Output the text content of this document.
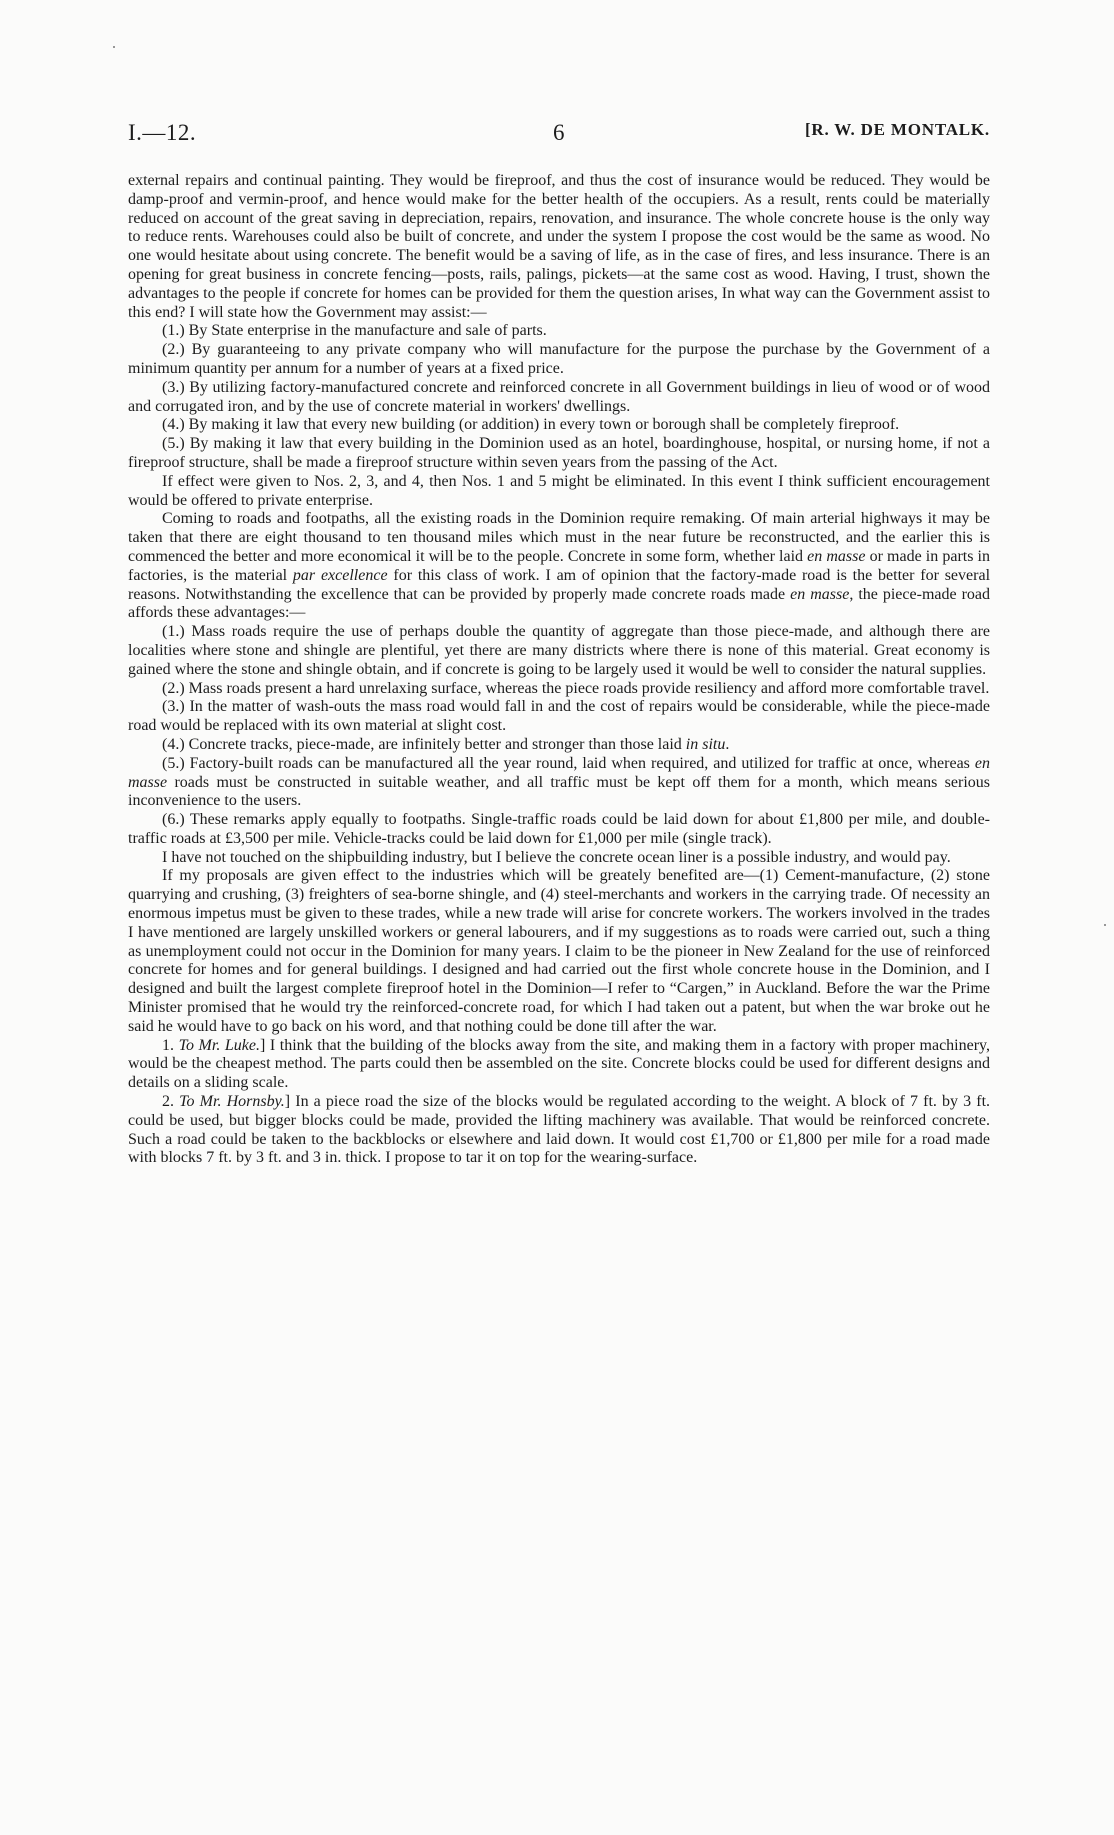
I.—12.	6	[R. W. DE MONTALK.

external repairs and continual painting. They would be fireproof, and thus the cost of insurance would be reduced. They would be damp-proof and vermin-proof, and hence would make for the better health of the occupiers. As a result, rents could be materially reduced on account of the great saving in depreciation, repairs, renovation, and insurance. The whole concrete house is the only way to reduce rents. Warehouses could also be built of concrete, and under the system I propose the cost would be the same as wood. No one would hesitate about using concrete. The benefit would be a saving of life, as in the case of fires, and less insurance. There is an opening for great business in concrete fencing—posts, rails, palings, pickets—at the same cost as wood. Having, I trust, shown the advantages to the people if concrete for homes can be provided for them the question arises, In what way can the Government assist to this end? I will state how the Government may assist:—

(1.) By State enterprise in the manufacture and sale of parts.

(2.) By guaranteeing to any private company who will manufacture for the purpose the purchase by the Government of a minimum quantity per annum for a number of years at a fixed price.

(3.) By utilizing factory-manufactured concrete and reinforced concrete in all Government buildings in lieu of wood or of wood and corrugated iron, and by the use of concrete material in workers' dwellings.

(4.) By making it law that every new building (or addition) in every town or borough shall be completely fireproof.

(5.) By making it law that every building in the Dominion used as an hotel, boardinghouse, hospital, or nursing home, if not a fireproof structure, shall be made a fireproof structure within seven years from the passing of the Act.

If effect were given to Nos. 2, 3, and 4, then Nos. 1 and 5 might be eliminated. In this event I think sufficient encouragement would be offered to private enterprise.

Coming to roads and footpaths, all the existing roads in the Dominion require remaking. Of main arterial highways it may be taken that there are eight thousand to ten thousand miles which must in the near future be reconstructed, and the earlier this is commenced the better and more economical it will be to the people. Concrete in some form, whether laid en masse or made in parts in factories, is the material par excellence for this class of work. I am of opinion that the factory-made road is the better for several reasons. Notwithstanding the excellence that can be provided by properly made concrete roads made en masse, the piece-made road affords these advantages:—

(1.) Mass roads require the use of perhaps double the quantity of aggregate than those piece-made, and although there are localities where stone and shingle are plentiful, yet there are many districts where there is none of this material. Great economy is gained where the stone and shingle obtain, and if concrete is going to be largely used it would be well to consider the natural supplies.

(2.) Mass roads present a hard unrelaxing surface, whereas the piece roads provide resiliency and afford more comfortable travel.

(3.) In the matter of wash-outs the mass road would fall in and the cost of repairs would be considerable, while the piece-made road would be replaced with its own material at slight cost.

(4.) Concrete tracks, piece-made, are infinitely better and stronger than those laid in situ.

(5.) Factory-built roads can be manufactured all the year round, laid when required, and utilized for traffic at once, whereas en masse roads must be constructed in suitable weather, and all traffic must be kept off them for a month, which means serious inconvenience to the users.

(6.) These remarks apply equally to footpaths. Single-traffic roads could be laid down for about £1,800 per mile, and double-traffic roads at £3,500 per mile. Vehicle-tracks could be laid down for £1,000 per mile (single track).

I have not touched on the shipbuilding industry, but I believe the concrete ocean liner is a possible industry, and would pay.

If my proposals are given effect to the industries which will be greately benefited are—(1) Cement-manufacture, (2) stone quarrying and crushing, (3) freighters of sea-borne shingle, and (4) steel-merchants and workers in the carrying trade. Of necessity an enormous impetus must be given to these trades, while a new trade will arise for concrete workers. The workers involved in the trades I have mentioned are largely unskilled workers or general labourers, and if my suggestions as to roads were carried out, such a thing as unemployment could not occur in the Dominion for many years. I claim to be the pioneer in New Zealand for the use of reinforced concrete for homes and for general buildings. I designed and had carried out the first whole concrete house in the Dominion, and I designed and built the largest complete fireproof hotel in the Dominion—I refer to “Cargen,” in Auckland. Before the war the Prime Minister promised that he would try the reinforced-concrete road, for which I had taken out a patent, but when the war broke out he said he would have to go back on his word, and that nothing could be done till after the war.

1. To Mr. Luke.] I think that the building of the blocks away from the site, and making them in a factory with proper machinery, would be the cheapest method. The parts could then be assembled on the site. Concrete blocks could be used for different designs and details on a sliding scale.

2. To Mr. Hornsby.] In a piece road the size of the blocks would be regulated according to the weight. A block of 7 ft. by 3 ft. could be used, but bigger blocks could be made, provided the lifting machinery was available. That would be reinforced concrete. Such a road could be taken to the backblocks or elsewhere and laid down. It would cost £1,700 or £1,800 per mile for a road made with blocks 7 ft. by 3 ft. and 3 in. thick. I propose to tar it on top for the wearing-surface.
